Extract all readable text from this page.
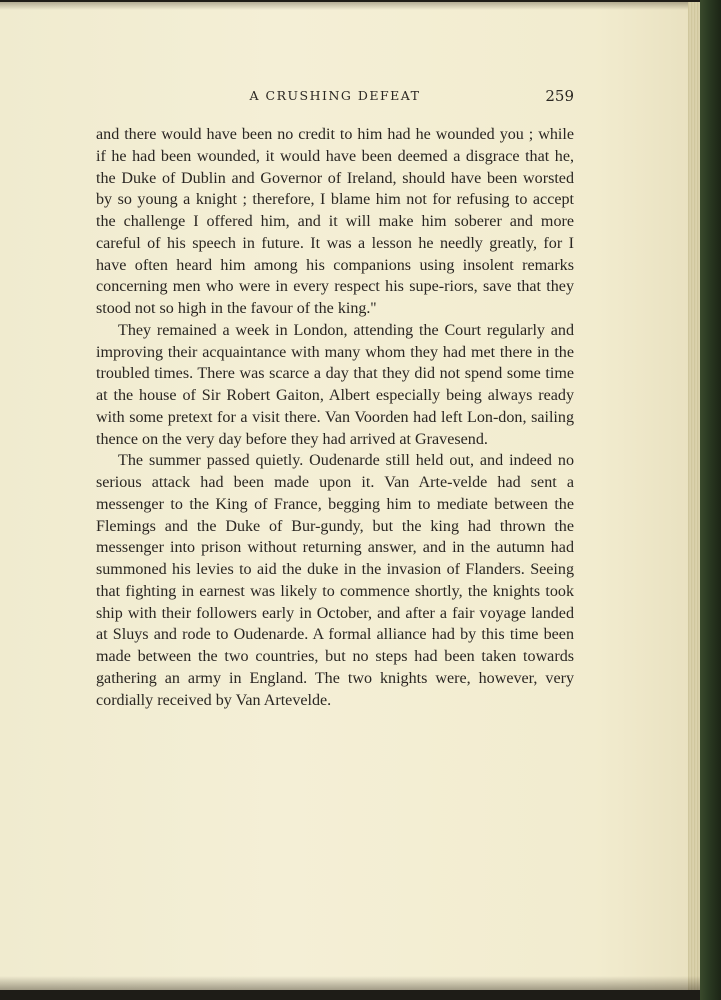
A CRUSHING DEFEAT	259

and there would have been no credit to him had he wounded you ; while if he had been wounded, it would have been deemed a disgrace that he, the Duke of Dublin and Governor of Ireland, should have been worsted by so young a knight ; therefore, I blame him not for refusing to accept the challenge I offered him, and it will make him soberer and more careful of his speech in future. It was a lesson he needly greatly, for I have often heard him among his companions using insolent remarks concerning men who were in every respect his supe-riors, save that they stood not so high in the favour of the king.''

They remained a week in London, attending the Court regularly and improving their acquaintance with many whom they had met there in the troubled times. There was scarce a day that they did not spend some time at the house of Sir Robert Gaiton, Albert especially being always ready with some pretext for a visit there. Van Voorden had left Lon-don, sailing thence on the very day before they had arrived at Gravesend.

The summer passed quietly. Oudenarde still held out, and indeed no serious attack had been made upon it. Van Arte-velde had sent a messenger to the King of France, begging him to mediate between the Flemings and the Duke of Bur-gundy, but the king had thrown the messenger into prison without returning answer, and in the autumn had summoned his levies to aid the duke in the invasion of Flanders. Seeing that fighting in earnest was likely to commence shortly, the knights took ship with their followers early in October, and after a fair voyage landed at Sluys and rode to Oudenarde. A formal alliance had by this time been made between the two countries, but no steps had been taken towards gathering an army in England. The two knights were, however, very cordially received by Van Artevelde.
